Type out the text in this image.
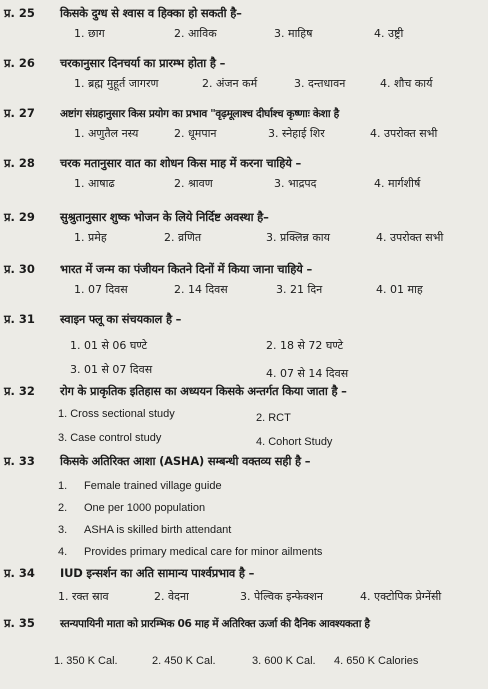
प्र. 25	किसके दुग्ध से श्वास व हिक्का हो सकती है–
1. छाग	2. आविक	3. माहिष	4. उष्ट्री
प्र. 26	चरकानुसार दिनचर्या का प्रारम्भ होता है –
1. ब्रह्म मुहूर्त जागरण	2. अंजन कर्म	3. दन्तधावन	4. शौच कार्य
प्र. 27	अष्टांग संग्रहानुसार किस प्रयोग का प्रभाव "वृढ़मूलाश्च दीर्घाश्च कृष्णाः केशा है
1. अणुतैल नस्य	2. धूमपान	3. स्नेहाई शिर	4. उपरोक्त सभी
प्र. 28	चरक मतानुसार वात का शोधन किस माह में करना चाहिये –
1. आषाढ	2. श्रावण	3. भाद्रपद	4. मार्गशीर्ष
प्र. 29	सुश्रुतानुसार शुष्क भोजन के लिये निर्दिष्ट अवस्था है–
1. प्रमेह	2. व्रणित	3. प्रक्लिन्न काय	4. उपरोक्त सभी
प्र. 30	भारत में जन्म का पंजीयन कितने दिनों में किया जाना चाहिये –
1. 07 दिवस	2. 14 दिवस	3. 21 दिन	4. 01 माह
प्र. 31	स्वाइन फ्लू का संचयकाल है –
1. 01 से 06 घण्टे	2. 18 से 72 घण्टे
3. 01 से 07 दिवस	4. 07 से 14 दिवस
प्र. 32	रोग के प्राकृतिक इतिहास का अध्ययन किसके अन्तर्गत किया जाता है –
1. Cross sectional study	2. RCT
3. Case control study	4. Cohort Study
प्र. 33	किसके अतिरिक्त आशा (ASHA) सम्बन्धी वक्तव्य सही है –
1. Female trained village guide
2. One per 1000 population
3. ASHA is skilled birth attendant
4. Provides primary medical care for minor ailments
प्र. 34	IUD इन्सर्शन का अति सामान्य पार्श्वप्रभाव है –
1. रक्त स्राव	2. वेदना	3. पेल्विक इन्फेक्शन	4. एक्टोपिक प्रेग्नेंसी
प्र. 35	स्तन्यपायिनी माता को प्रारम्भिक 06 माह में अतिरिक्त ऊर्जा की दैनिक आवश्यकता है
1. 350 K Cal.	2. 450 K Cal.	3. 600 K Cal. 4. 650 K Calories
